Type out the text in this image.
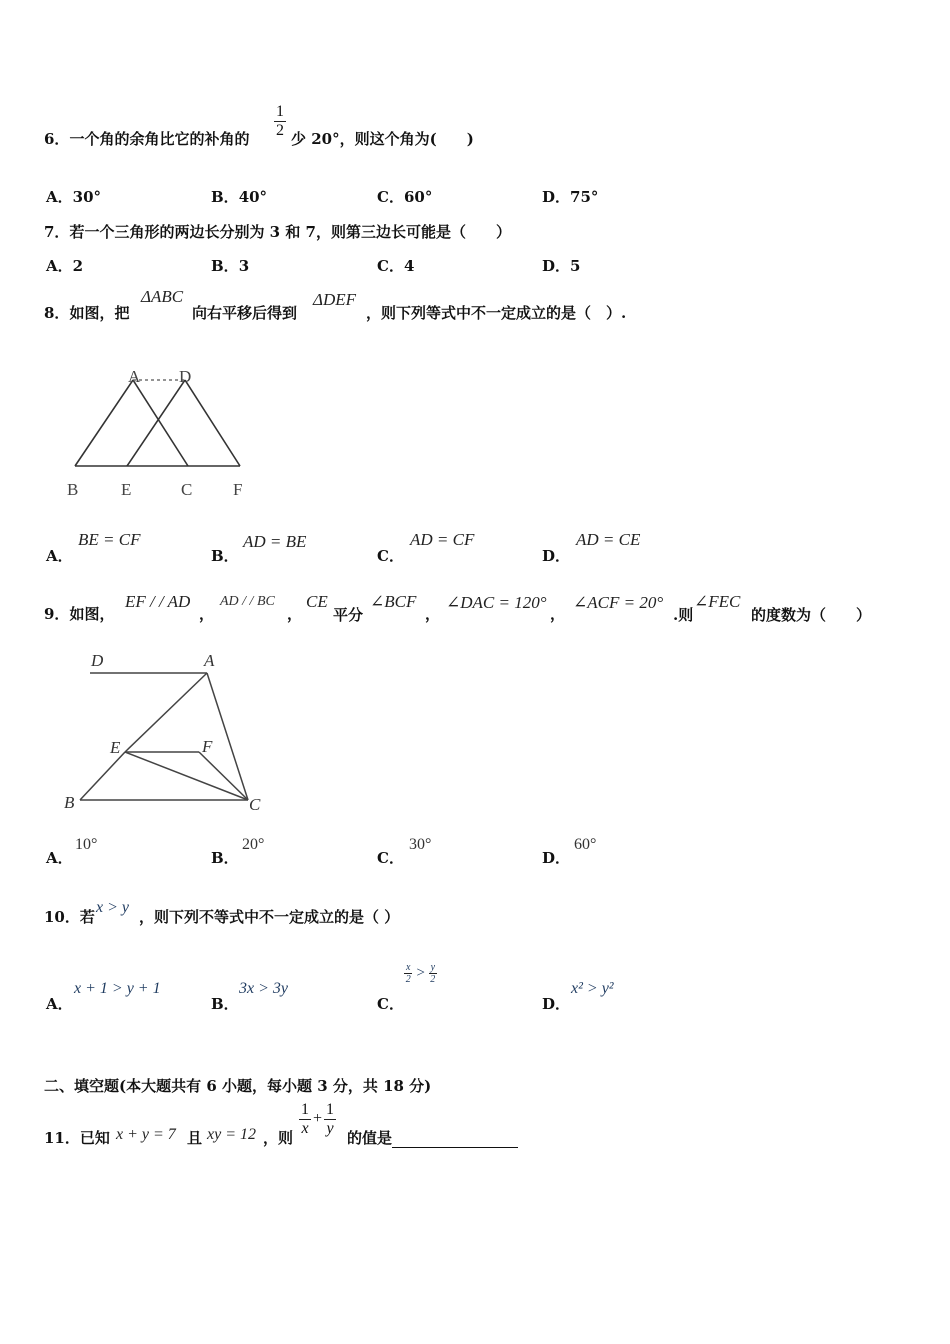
6．一个角的余角比它的补角的 $\frac{1}{2}$ 少 20°，则这个角为(　　)
A．30°	B．40°	C．60°	D．75°
7．若一个三角形的两边长分别为 3 和 7，则第三边长可能是（　　）
A．2	B．3	C．4	D．5
8．如图，把
ΔABC
向右平移后得到
ΔDEF
，则下列等式中不一定成立的是（　）.
A D
B	E	C F
A．
BE = CF
B．
AD = BE
C．
AD = CF
D．
AD = CE
9．如图，
EF / / AD
，
AD / / BC
，
CE
平分
∠BCF
，
∠DAC = 120°
，
∠ACF = 20°
.则
∠FEC
的度数为（　　）
D	A
E	F
B	C
A．
10°
B．
20°
C．
30°
D．
60°
10．若
x > y
，则下列不等式中不一定成立的是（ ）
A．
x + 1 > y + 1
B．
3x > 3y
C．
$\frac{x}{2} > \frac{y}{2}$
D．
x² > y²
二、填空题(本大题共有 6 小题，每小题 3 分，共 18 分)
11．已知 x + y = 7 且 xy = 12 ，则
$\frac{1}{x} + \frac{1}{y}$
的值是
